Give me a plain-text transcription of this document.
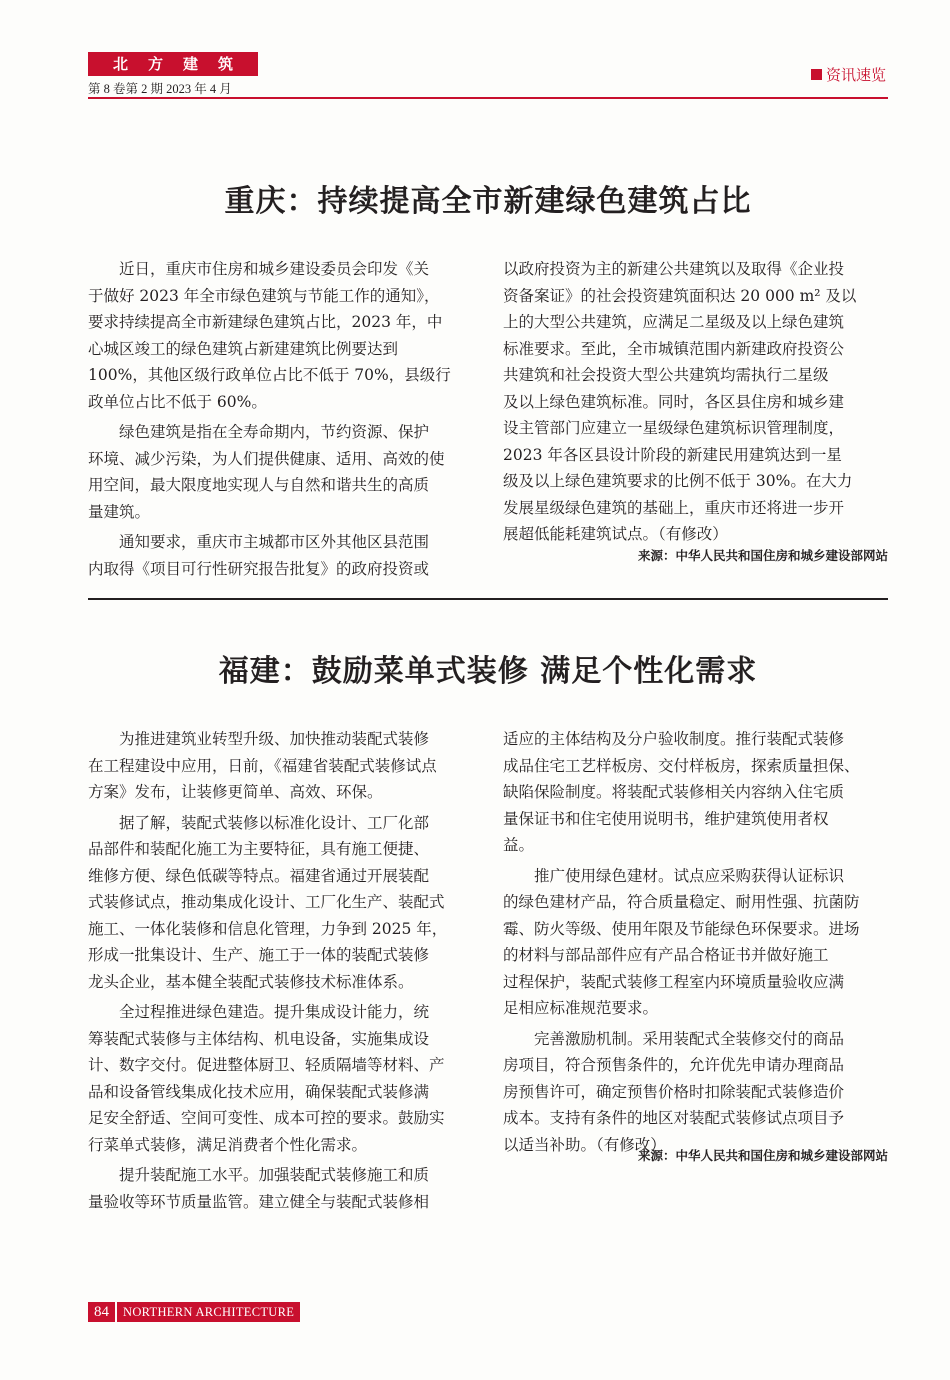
北方建筑
第 8 卷第 2 期 2023 年 4 月
资讯速览
重庆：持续提高全市新建绿色建筑占比

近日，重庆市住房和城乡建设委员会印发《关
于做好 2023 年全市绿色建筑与节能工作的通知》，
要求持续提高全市新建绿色建筑占比，2023 年，中
心城区竣工的绿色建筑占新建建筑比例要达到
100%，其他区级行政单位占比不低于 70%，县级行
政单位占比不低于 60%。

绿色建筑是指在全寿命期内，节约资源、保护
环境、减少污染，为人们提供健康、适用、高效的使
用空间，最大限度地实现人与自然和谐共生的高质
量建筑。

通知要求，重庆市主城都市区外其他区县范围
内取得《项目可行性研究报告批复》的政府投资或

以政府投资为主的新建公共建筑以及取得《企业投
资备案证》的社会投资建筑面积达 20 000 m² 及以
上的大型公共建筑，应满足二星级及以上绿色建筑
标准要求。至此，全市城镇范围内新建政府投资公
共建筑和社会投资大型公共建筑均需执行二星级
及以上绿色建筑标准。同时，各区县住房和城乡建
设主管部门应建立一星级绿色建筑标识管理制度，
2023 年各区县设计阶段的新建民用建筑达到一星
级及以上绿色建筑要求的比例不低于 30%。在大力
发展星级绿色建筑的基础上，重庆市还将进一步开
展超低能耗建筑试点。（有修改）

来源：中华人民共和国住房和城乡建设部网站
福建：鼓励菜单式装修 满足个性化需求

为推进建筑业转型升级、加快推动装配式装修
在工程建设中应用，日前，《福建省装配式装修试点
方案》发布，让装修更简单、高效、环保。

据了解，装配式装修以标准化设计、工厂化部
品部件和装配化施工为主要特征，具有施工便捷、
维修方便、绿色低碳等特点。福建省通过开展装配
式装修试点，推动集成化设计、工厂化生产、装配式
施工、一体化装修和信息化管理，力争到 2025 年，
形成一批集设计、生产、施工于一体的装配式装修
龙头企业，基本健全装配式装修技术标准体系。

全过程推进绿色建造。提升集成设计能力，统
筹装配式装修与主体结构、机电设备，实施集成设
计、数字交付。促进整体厨卫、轻质隔墙等材料、产
品和设备管线集成化技术应用，确保装配式装修满
足安全舒适、空间可变性、成本可控的要求。鼓励实
行菜单式装修，满足消费者个性化需求。

提升装配施工水平。加强装配式装修施工和质
量验收等环节质量监管。建立健全与装配式装修相

适应的主体结构及分户验收制度。推行装配式装修
成品住宅工艺样板房、交付样板房，探索质量担保、
缺陷保险制度。将装配式装修相关内容纳入住宅质
量保证书和住宅使用说明书，维护建筑使用者权
益。

推广使用绿色建材。试点应采购获得认证标识
的绿色建材产品，符合质量稳定、耐用性强、抗菌防
霉、防火等级、使用年限及节能绿色环保要求。进场
的材料与部品部件应有产品合格证书并做好施工
过程保护，装配式装修工程室内环境质量验收应满
足相应标准规范要求。

完善激励机制。采用装配式全装修交付的商品
房项目，符合预售条件的，允许优先申请办理商品
房预售许可，确定预售价格时扣除装配式装修造价
成本。支持有条件的地区对装配式装修试点项目予
以适当补助。（有修改）

来源：中华人民共和国住房和城乡建设部网站
84	NORTHERN ARCHITECTURE
